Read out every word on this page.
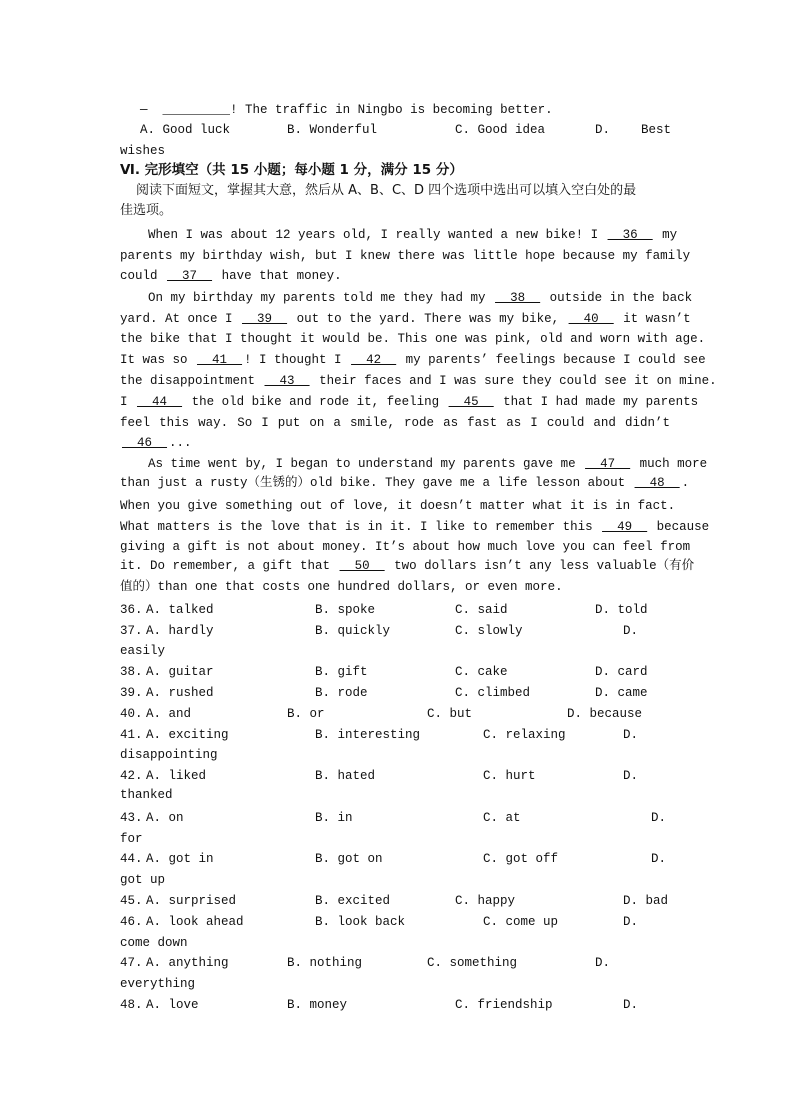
— _________! The traffic in Ningbo is becoming better.
A. Good luck	B. Wonderful	C. Good idea	D. Best
wishes
Ⅵ. 完形填空（共 15 小题；每小题 1 分，满分 15 分）
阅读下面短文，掌握其大意，然后从 A、B、C、D 四个选项中选出可以填入空白处的最
佳选项。
When I was about 12 years old, I really wanted a new bike! I __36__ my
parents my birthday wish, but I knew there was little hope because my family
could __37__ have that money.
On my birthday my parents told me they had my __38__ outside in the back
yard. At once I __39__ out to the yard. There was my bike, __40__ it wasn’t
the bike that I thought it would be. This one was pink, old and worn with age.
It was so __41__ ! I thought I __42__ my parents’ feelings because I could see
the disappointment __43__ their faces and I was sure they could see it on mine.
I __44__ the old bike and rode it, feeling __45__ that I had made my parents
feel this way. So I put on a smile, rode as fast as I could and didn’t
__46__ ...
As time went by, I began to understand my parents gave me __47__ much more
than just a rusty（生锈的）old bike. They gave me a life lesson about __48__ .
When you give something out of love, it doesn’t matter what it is in fact.
What matters is the love that is in it. I like to remember this __49__ because
giving a gift is not about money. It’s about how much love you can feel from
it. Do remember, a gift that __50__ two dollars isn’t any less valuable（有价
值的）than one that costs one hundred dollars, or even more.
36. A. talked	B. spoke	C. said	D. told
37. A. hardly	B. quickly	C. slowly	D.
easily
38. A. guitar	B. gift	C. cake	D. card
39. A. rushed	B. rode	C. climbed	D. came
40. A. and	B. or	C. but	D. because
41. A. exciting	B. interesting	C. relaxing	D.
disappointing
42. A. liked	B. hated	C. hurt	D.
thanked
43. A. on	B. in	C. at	D.
for
44. A. got in	B. got on	C. got off	D.
got up
45. A. surprised	B. excited	C. happy	D. bad
46. A. look ahead	B. look back	C. come up	D.
come down
47. A. anything	B. nothing	C. something	D.
everything
48. A. love	B. money	C. friendship	D.
